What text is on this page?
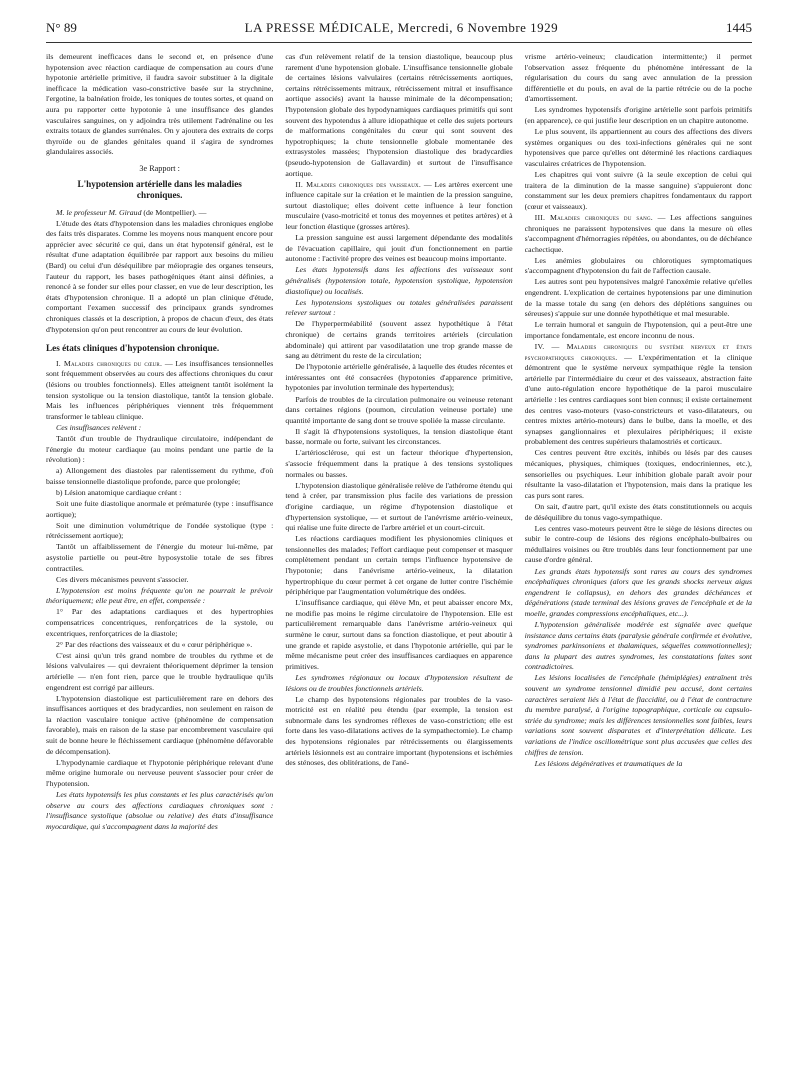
N° 89	LA PRESSE MÉDICALE, Mercredi, 6 Novembre 1929	1445

ils demeurent inefficaces dans le second et, en présence d'une hypotension avec réaction cardiaque de compensation au cours d'une hypotonie artérielle primitive, il faudra savoir substituer à la digitale inefficace la médication vaso-constrictive basée sur la strychnine, l'ergotine, la balnéation froide, les toniques de toutes sortes, et quand on aura pu rapporter cette hypotonie à une insuffisance des glandes vasculaires sanguines, on y adjoindra très utilement l'adrénaline ou les extraits totaux de glandes surrénales. On y ajoutera des extraits de corps thyroïde ou de glandes génitales quand il s'agira de syndromes glandulaires associés.

3e Rapport :

L'hypotension artérielle dans les maladies chroniques.

M. le professeur M. Giraud (de Montpellier). —

L'étude des états d'hypotension dans les maladies chroniques englobe des faits très disparates. Comme les moyens nous manquent encore pour apprécier avec sécurité ce qui, dans un état hypotensif général, est le résultat d'une adaptation équilibrée par rapport aux besoins du milieu (Bard) ou celui d'un déséquilibre par méiopragie des organes tenseurs, l'auteur du rapport, les bases pathogéniques étant ainsi définies, a renoncé à se fonder sur elles pour classer, en vue de leur description, les états d'hypotension chronique. Il a adopté un plan clinique d'étude, comportant l'examen successif des principaux grands syndromes chroniques classés et la description, à propos de chacun d'eux, des états d'hypotension qu'on peut rencontrer au cours de leur évolution.

Les états cliniques d'hypotension chronique.

I. Maladies chroniques du cœur. — Les insuffisances tensionnelles sont fréquemment observées au cours des affections chroniques du cœur (lésions ou troubles fonctionnels). Elles atteignent tantôt isolément la tension systolique ou la tension diastolique, tantôt la tension globale. Mais les influences périphériques viennent très fréquemment transformer le tableau clinique.

Ces insuffisances relèvent :

Tantôt d'un trouble de l'hydraulique circulatoire, indépendant de l'énergie du moteur cardiaque (au moins pendant une partie de la révolution) :

a) Allongement des diastoles par ralentissement du rythme, d'où baisse tensionnelle diastolique profonde, parce que prolongée;

b) Lésion anatomique cardiaque créant :

Soit une fuite diastolique anormale et prématurée (type : insuffisance aortique);

Soit une diminution volumétrique de l'ondée systolique (type : rétrécissement aortique);

Tantôt un affaiblissement de l'énergie du moteur lui-même, par asystolie partielle ou peut-être hyposystolie totale de ses fibres contractiles.

Ces divers mécanismes peuvent s'associer.

L'hypotension est moins fréquente qu'on ne pourrait le prévoir théoriquement; elle peut être, en effet, compensée :

1° Par des adaptations cardiaques et des hypertrophies compensatrices concentriques, renforçatrices de la systole, ou excentriques, renforçatrices de la diastole;

2° Par des réactions des vaisseaux et du « cœur périphérique ».

C'est ainsi qu'un très grand nombre de troubles du rythme et de lésions valvulaires — qui devraient théoriquement déprimer la tension artérielle — n'en font rien, parce que le trouble hydraulique qu'ils engendrent est corrigé par ailleurs.

L'hypotension diastolique est particulièrement rare en dehors des insuffisances aortiques et des bradycardies, non seulement en raison de la réaction vasculaire tonique active (phénomène de compensation favorable), mais en raison de la stase par encombrement vasculaire qui suit de bonne heure le fléchissement cardiaque (phénomène défavorable de décompensation).

L'hypodynamie cardiaque et l'hypotonie périphérique relevant d'une même origine humorale ou nerveuse peuvent s'associer pour créer de l'hypotension.

Les états hypotensifs les plus constants et les plus caractérisés qu'on observe au cours des affections cardiaques chroniques sont : l'insuffisance systolique (absolue ou relative) des états d'insuffisance myocardique, qui s'accompagnent dans la majorité des

cas d'un relèvement relatif de la tension diastolique, beaucoup plus rarement d'une hypotension globale. L'insuffisance tensionnelle globale de certaines lésions valvulaires (certains rétrécissements aortiques, certains rétrécissements mitraux, rétrécissement mitral et insuffisance aortique associés) avant la hausse minimale de la décompensation; l'hypotension globale des hypodynamiques cardiaques primitifs qui sont souvent des hypotendus à allure idiopathique et celle des sujets porteurs de malformations congénitales du cœur qui sont souvent des hypotrophiques; la chute tensionnelle globale momentanée des extrasystoles massées; l'hypotension diastolique des bradycardies (pseudo-hypotension de Gallavardin) et surtout de l'insuffisance aortique.

II. Maladies chroniques des vaisseaux. — Les artères exercent une influence capitale sur la création et le maintien de la pression sanguine, surtout diastolique; elles doivent cette influence à leur fonction musculaire (vaso-motricité et tonus des moyennes et petites artères) et à leur fonction élastique (grosses artères).

La pression sanguine est aussi largement dépendante des modalités de l'évacuation capillaire, qui jouit d'un fonctionnement en partie autonome : l'activité propre des veines est beaucoup moins importante.

Les états hypotensifs dans les affections des vaisseaux sont généralisés (hypotension totale, hypotension systolique, hypotension diastolique) ou localisés.

Les hypotensions systoliques ou totales généralisées paraissent relever surtout :

De l'hyperperméabilité (souvent assez hypothétique à l'état chronique) de certains grands territoires artériels (circulation abdominale) qui attirent par vasodilatation une trop grande masse de sang au détriment du reste de la circulation;

De l'hypotonie artérielle généralisée, à laquelle des études récentes et intéressantes ont été consacrées (hypotonies d'apparence primitive, hypotonies par involution terminale des hypertendus);

Parfois de troubles de la circulation pulmonaire ou veineuse retenant dans certaines régions (poumon, circulation veineuse portale) une quantité importante de sang dont se trouve spoliée la masse circulante.

Il s'agit là d'hypotensions systoliques, la tension diastolique étant basse, normale ou forte, suivant les circonstances.

L'artériosclérose, qui est un facteur théorique d'hypertension, s'associe fréquemment dans la pratique à des tensions systoliques normales ou basses.

L'hypotension diastolique généralisée relève de l'athérome étendu qui tend à créer, par transmission plus facile des variations de pression d'origine cardiaque, un régime d'hypotension diastolique et d'hypertension systolique, — et surtout de l'anévrisme artério-veineux, qui réalise une fuite directe de l'arbre artériel et un court-circuit.

Les réactions cardiaques modifient les physionomies cliniques et tensionnelles des malades; l'effort cardiaque peut compenser et masquer complètement pendant un certain temps l'influence hypotensive de l'hypotonie; dans l'anévrisme artério-veineux, la dilatation hypertrophique du cœur permet à cet organe de lutter contre l'ischémie périphérique par l'augmentation volumétrique des ondées.

L'insuffisance cardiaque, qui élève Mn, et peut abaisser encore Mx, ne modifie pas moins le régime circulatoire de l'hypotension. Elle est particulièrement remarquable dans l'anévrisme artério-veineux qui surmène le cœur, surtout dans sa fonction diastolique, et peut aboutir à une grande et rapide asystolie, et dans l'hypotonie artérielle, qui par le même mécanisme peut créer des insuffisances cardiaques en apparence primitives.

Les syndromes régionaux ou locaux d'hypotension résultent de lésions ou de troubles fonctionnels artériels.

Le champ des hypotensions régionales par troubles de la vaso-motricité est en réalité peu étendu (par exemple, la tension est subnormale dans les syndromes réflexes de vaso-constriction; elle est forte dans les vaso-dilatations actives de la sympathectomie). Le champ des hypotensions régionales par rétrécissements ou élargissements artériels lésionnels est au contraire important (hypotensions et ischémies des sténoses, des oblitérations, de l'ané-

vrisme artério-veineux; claudication intermittente;) il permet l'observation assez fréquente du phénomène intéressant de la régularisation du cours du sang avec annulation de la pression différentielle et du pouls, en aval de la partie rétrécie ou de la poche d'amortissement.

Les syndromes hypotensifs d'origine artérielle sont parfois primitifs (en apparence), ce qui justifie leur description en un chapitre autonome.

Le plus souvent, ils appartiennent au cours des affections des divers systèmes organiques ou des toxi-infections générales qui ne sont hypotensives que parce qu'elles ont déterminé les réactions cardiaques vasculaires créatrices de l'hypotension.

Les chapitres qui vont suivre (à la seule exception de celui qui traitera de la diminution de la masse sanguine) s'appuieront donc constamment sur les deux premiers chapitres fondamentaux du rapport (cœur et vaisseaux).

III. Maladies chroniques du sang. — Les affections sanguines chroniques ne paraissent hypotensives que dans la mesure où elles s'accompagnent d'hémorragies répétées, ou abondantes, ou de déchéance cachectique.

Les anémies globulaires ou chlorotiques symptomatiques s'accompagnent d'hypotension du fait de l'affection causale.

Les autres sont peu hypotensives malgré l'anoxémie relative qu'elles engendrent. L'explication de certaines hypotensions par une diminution de la masse totale du sang (en dehors des déplétions sanguines ou séreuses) s'appuie sur une donnée hypothétique et mal mesurable.

Le terrain humoral et sanguin de l'hypotension, qui a peut-être une importance fondamentale, est encore inconnu de nous.

IV. — Maladies chroniques du système nerveux et états psychopathiques chroniques. — L'expérimentation et la clinique démontrent que le système nerveux sympathique règle la tension artérielle par l'intermédiaire du cœur et des vaisseaux, abstraction faite d'une auto-régulation encore hypothétique de la paroi musculaire artérielle : les centres cardiaques sont bien connus; il existe certainement des centres vaso-moteurs (vaso-constricteurs et vaso-dilatateurs, ou centres mixtes artério-moteurs) dans le bulbe, dans la moelle, et des synapses ganglionnaires et plexulaires périphériques; il existe probablement des centres supérieurs thalamostriés et corticaux.

Ces centres peuvent être excités, inhibés ou lésés par des causes mécaniques, physiques, chimiques (toxiques, endocriniennes, etc.), sensorielles ou psychiques. Leur inhibition globale paraît avoir pour résultante la vaso-dilatation et l'hypotension, mais dans la pratique les cas purs sont rares.

On sait, d'autre part, qu'il existe des états constitutionnels ou acquis de déséquilibre du tonus vago-sympathique.

Les centres vaso-moteurs peuvent être le siège de lésions directes ou subir le contre-coup de lésions des régions encéphalo-bulbaires ou médullaires voisines ou être troublés dans leur fonctionnement par une cause d'ordre général.

Les grands états hypotensifs sont rares au cours des syndromes encéphaliques chroniques (alors que les grands shocks nerveux aigus engendrent le collapsus), en dehors des grandes déchéances et dégénérations (stade terminal des lésions graves de l'encéphale et de la moelle, grandes compressions encéphaliques, etc...).

L'hypotension généralisée modérée est signalée avec quelque insistance dans certains états (paralysie générale confirmée et évolutive, syndromes parkinsoniens et thalamiques, séquelles commotionnelles); dans la plupart des autres syndromes, les constatations faites sont contradictoires.

Les lésions localisées de l'encéphale (hémiplégies) entraînent très souvent un syndrome tensionnel dimidié peu accusé, dont certains caractères seraient liés à l'état de flaccidité, ou à l'état de contracture du membre paralysé, à l'origine topographique, corticale ou capsulo-striée du syndrome; mais les différences tensionnelles sont faibles, leurs variations sont souvent disparates et d'interprétation délicate. Les variations de l'indice oscillométrique sont plus accusées que celles des chiffres de tension.

Les lésions dégénératives et traumatiques de la
